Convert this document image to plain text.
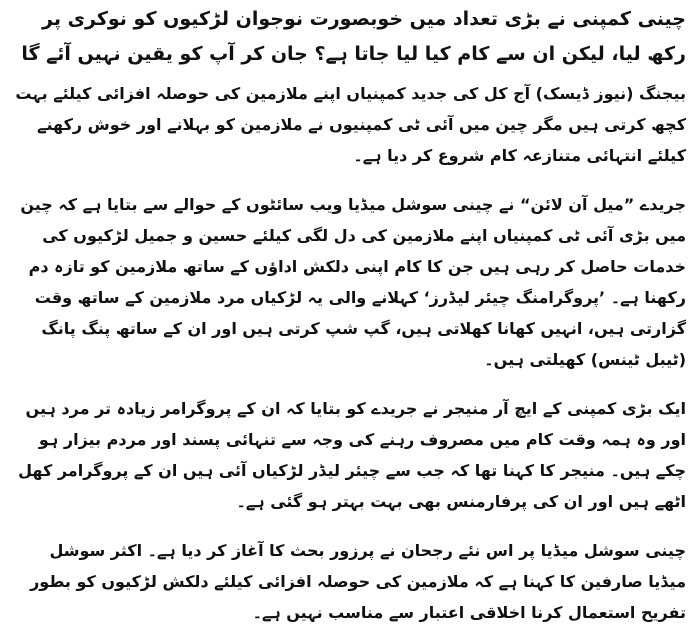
چینی کمپنی نے بڑی تعداد میں خوبصورت نوجوان لڑکیوں کو نوکری پر رکھ لیا، لیکن ان سے کام کیا لیا جاتا ہے؟ جان کر آپ کو یقین نہیں آئے گا

بیجنگ (نیوز ڈیسک) آج کل کی جدید کمپنیاں اپنے ملازمین کی حوصلہ افزائی کیلئے بہت کچھ کرتی ہیں مگر چین میں آئی ٹی کمپنیوں نے ملازمین کو بہلانے اور خوش رکھنے کیلئے انتہائی متنازعہ کام شروع کر دیا ہے۔

جریدے ”میل آن لائن“ نے چینی سوشل میڈیا ویب سائٹوں کے حوالے سے بتایا ہے کہ چین میں بڑی آئی ٹی کمپنیاں اپنے ملازمین کی دل لگی کیلئے حسین و جمیل لڑکیوں کی خدمات حاصل کر رہی ہیں جن کا کام اپنی دلکش اداﺅں کے ساتھ ملازمین کو تازہ دم رکھنا ہے۔ ’پروگرامنگ چیئر لیڈرز‘ کہلانے والی یہ لڑکیاں مرد ملازمین کے ساتھ وقت گزارتی ہیں، انہیں کھانا کھلاتی ہیں، گپ شپ کرتی ہیں اور ان کے ساتھ پنگ پانگ (ٹیبل ٹینس) کھیلتی ہیں۔

ایک بڑی کمپنی کے ایچ آر منیجر نے جریدے کو بتایا کہ ان کے پروگرامر زیادہ تر مرد ہیں اور وہ ہمہ وقت کام میں مصروف رہنے کی وجہ سے تنہائی پسند اور مردم بیزار ہو چکے ہیں۔ منیجر کا کہنا تھا کہ جب سے چیئر لیڈر لڑکیاں آئی ہیں ان کے پروگرامر کھل اٹھے ہیں اور ان کی پرفارمنس بھی بہت بہتر ہو گئی ہے۔

چینی سوشل میڈیا پر اس نئے رجحان نے پرزور بحث کا آغاز کر دیا ہے۔ اکثر سوشل میڈیا صارفین کا کہنا ہے کہ ملازمین کی حوصلہ افزائی کیلئے دلکش لڑکیوں کو بطور تفریح استعمال کرنا اخلاقی اعتبار سے مناسب نہیں ہے۔
